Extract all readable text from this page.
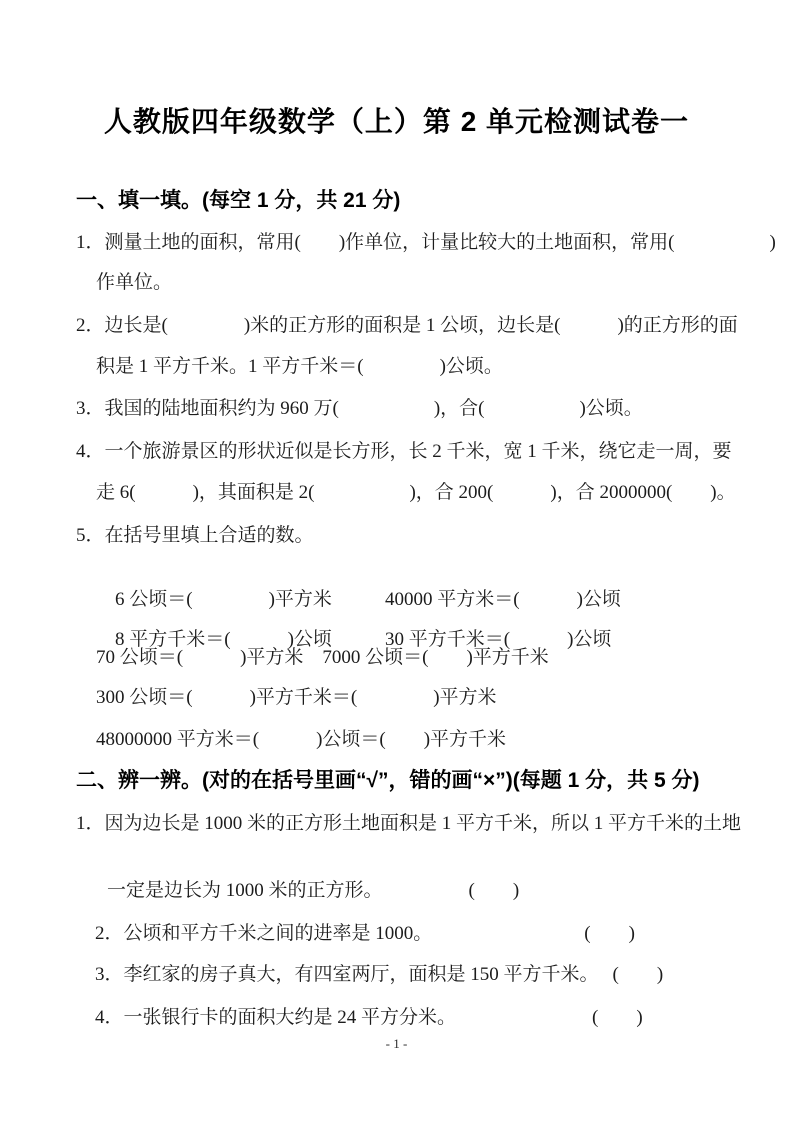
人教版四年级数学（上）第 2 单元检测试卷一
一、填一填。(每空 1 分，共 21 分)
1．测量土地的面积，常用(　　)作单位，计量比较大的土地面积，常用(　　　　　)
作单位。
2．边长是(　　　　)米的正方形的面积是 1 公顷，边长是(　　　)的正方形的面
积是 1 平方千米。1 平方千米＝(　　　　)公顷。
3．我国的陆地面积约为 960 万(　　　　　)，合(　　　　　)公顷。
4．一个旅游景区的形状近似是长方形，长 2 千米，宽 1 千米，绕它走一周，要
走 6(　　　)，其面积是 2(　　　　　)，合 200(　　　)，合 2000000(　　)。
5．在括号里填上合适的数。

6 公顷＝(　　　　)平方米	40000 平方米＝(　　　)公顷

8 平方千米＝(　　　)公顷	30 平方千米＝(　　　)公顷

70 公顷＝(　　　)平方米　7000 公顷＝(　　)平方千米
300 公顷＝(　　　)平方千米＝(　　　　)平方米
48000000 平方米＝(　　　)公顷＝(　　)平方千米
二、辨一辨。(对的在括号里画“√”，错的画“×”)(每题 1 分，共 5 分)
1．因为边长是 1000 米的正方形土地面积是 1 平方千米，所以 1 平方千米的土地

一定是边长为 1000 米的正方形。	(　　)

2．公顷和平方千米之间的进率是 1000。	(　　)

3．李红家的房子真大，有四室两厅，面积是 150 平方千米。 (　　)

4．一张银行卡的面积大约是 24 平方分米。	(　　)

- 1 -
